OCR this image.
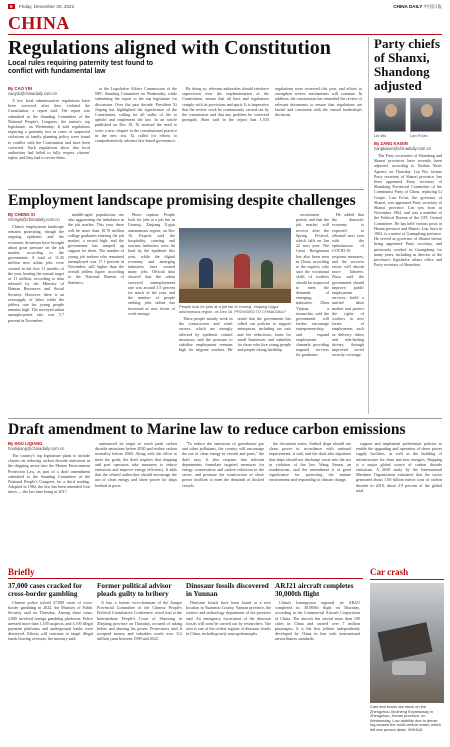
6 Friday, December 30, 2022	CHINA DAILY 中国日报
CHINA
Regulations aligned with Constitution
Local rules requiring paternity test found to conflict with fundamental law
By CAO YIN
caoyin@chinadaily.com.cn

A few local administrative regulations have been corrected after they violated the Constitution, a report said. The report was submitted to the Standing Committee of the National People's Congress, the nation's top legislature, on Wednesday. It said regulations requiring a paternity test in cases of suspected violations of family planning policy were found to conflict with the Constitution and have been corrected. Such regulations show that local authorities had failed to fully respect citizens' rights, and they had to revise them.

to the Legislative Affairs Commission of the NPC Standing Committee on Wednesday, while submitting the report to the top legislature for discussion. Over the past decade, President Xi Jinping has highlighted the significance of the Constitution, calling for all walks of life to uphold and implement the law. In an article published on Dec 19, Xi stressed the need to write a new chapter in the constitutional practice in the new era. Xi called for efforts to comprehensively advance law-based governance.

By doing so, relevant authorities should reinforce supervision over the implementation of the Constitution, ensure that all laws and regulations comply with its provisions and spirit. It is imperative that the review work be continuously carried out by the commission and that any problem be corrected promptly. Shen said in the report that 1,535 regulations were reviewed this year, and efforts to strengthen review mechanisms will continue. In addition, the commission has reminded the review of relevant documents to ensure that regulations are lawful and consistent with the central leadership's decisions.

Party chiefs of Shanxi, Shandong adjusted
Lin Wu	Lan Fo'an
By ZANG KAIXIN
zangkaixin@chinadaily.com.cn

The Party secretaries of Shandong and Shanxi provinces have recently been adjusted, according to Xinhua News Agency on Thursday. Lin Wu, former Party secretary of Shanxi province, has been appointed Party secretary of Shandong Provincial Committee of the Communist Party of China, replacing Li Ganjie. Lan Fo'an, the governor of Shanxi, was appointed Party secretary of Shanxi province. Lin was born in November 1962, and was a member of the Political Bureau of the CPC Central Committee. He has held various posts in Henan province and Shanxi. Lan, born in 1962, is a native of Guangdong province. He served as governor of Shanxi before being appointed Party secretary, and previously worked in Guangdong for many years, including as director of the province's legislative affairs office and Party secretary of Shenzhen.

Employment landscape promising despite challenges
By CHENG SI
chengsi@chinadaily.com.cn

China's employment landscape remains promising, though the ongoing epidemic and the economic downturn have brought about great pressure on the job market, according to the government. A total of 11.45 million new urban jobs were created in the first 11 months of the year, beating the annual target of 11 million, according to data released by the Ministry of Human Resources and Social Security. However, there is an oversupply of labor while the jobless rate for young people remains high. The surveyed urban unemployment rate was 5.7 percent in November.

middle-aged populations are also aggravating the imbalance in the job market. This year, there will be more than 10.76 million college graduates entering the job market, a record high, and the government has ramped up support for them. The number of young job seekers who remained unemployed was 17.1 percent in November, still higher than the overall jobless figure, according to the National Bureau of Statistics.

Photo caption: People look for jobs at a job fair in Urumqi, Xinjiang Uygur autonomous region, on Dec 16. Experts said the hospitality, catering and tourism industries were hit hard by the epidemic this year, while the digital economy and emerging industries have created many jobs. Official data showed that the urban surveyed unemployment rate was around 5.5 percent for much of the year, and the number of people seeking jobs online has increased as new forms of work emerge.

People look for jobs at a job fair in Urumqi, Xinjiang Uygur autonomous region, on Dec 16. PROVIDED TO CHINA DAILY

These people mainly work in the construction and retail sectors, which are strongly affected by epidemic control measures, and the pressure to stabilize employment remains high for migrant workers. He noted that the government has rolled out policies to support enterprises, including tax cuts and fee reductions, loans for small businesses and subsidies for those who hire young people and people facing hardship.

recruitment period, and that the job market will recover after the Spring Festival, which falls on Jan 22 next year. The Great Resignation has also been seen in China, according to the experts, who said the vocational skills of workers should be improved to meet the demands of emerging industries. Zhou Yinjian, a researcher, said the government will further encourage entrepreneurship and expand employment channels, providing targeted services for graduates.

He added that the domestic economy is expected to rebound next year with the optimization of COVID-19 response measures, and the services sector will absorb more laborers. Zhou said the government should improve public employment services, build a unified labor market and protect the rights of workers in new forms of employment, such as delivery riders and ride-hailing drivers, through improved social security coverage.

Draft amendment to Marine law to reduce carbon emissions
By HOU LIQIANG
houliqiang@chinadaily.com.cn

The country's top legislature plans to include clauses on reducing carbon dioxide emissions in the shipping sector into the Marine Environment Protection Law, as part of a draft amendment submitted to the Standing Committee of the National People's Congress for a third reading. Adopted in 1982, the law has been amended four times — the last time being in 2017.

announced its target to reach peak carbon dioxide emissions before 2030 and realize carbon neutrality before 2060. Along with the effort to meet the goals, the draft requires that shipping and port operators take measures to reduce emissions and improve energy efficiency. It adds that the related authorities should encourage the use of clean energy and shore power for ships berthed at ports.

"To reduce the emissions of greenhouse gas and other pollutants, the country will encourage the use of clean energy in vessels and ports," the draft says. It also requires that relevant departments formulate targeted measures for energy conservation and carbon reduction in the sector, and promote the construction of shore power facilities to meet the demands of docked vessels.

the document states. Seabed ships should use clean power in accordance with national requirements, it said, and the draft also stipulates that ships should not discharge waste into the sea in violation of the law. Wang Jinnan, an academician, said the amendment is of great significance for protecting the marine environment and responding to climate change.

support and implement preferential policies to enable the upgrading and operation of shore power supply facilities, as well as the building of infrastructure for clean and new energies. Shipping is a major global source of carbon dioxide emissions. A 2020 study by the International Maritime Organization estimated that the sector generated about 1.06 billion metric tons of carbon dioxide in 2018, about 2.9 percent of the global total.

Briefly
37,000 cases cracked for cross-border gambling

Chinese police solved 37,000 cases of cross-border gambling in 2022, the Ministry of Public Security said on Thursday. Among these cases, 2,000 involved foreign gambling platforms. Police arrested more than 1,100 suspects, and 3,100 illegal payment platforms and underground banks were destroyed. Efforts will continue to target illegal funds flowing overseas, the ministry said.

Former political advisor pleads guilty to bribery

Ji Jun, a former vice-chairman of the Jiangxi Provincial Committee of the Chinese People's Political Consultative Conference, stood trial at the Intermediate People's Court of Shaoxing in Zhejiang province on Thursday, accused of taking bribes and abusing his power. Prosecutors said Ji accepted money and valuables worth over 112 million yuan between 1999 and 2022.

Dinosaur fossils discovered in Yunnan

Dinosaur fossils have been found at a new location in Yuanmou County, Yunnan province, the science and technology department of the province said. An emergency excavation of the dinosaur fossils will soon be carried out by researchers. The area is one of the richest regions of dinosaur fossils in China, including early sauropodomorphs.

ARJ21 aircraft completes 30,000th flight

China's homegrown regional jet ARJ21 completed its 30,000th flight on Thursday, according to the Commercial Aircraft Corporation of China. The aircraft has served more than 100 cities in China and carried over 7 million passengers. It is the first jetliner independently developed by China in line with international airworthiness standards.

Car crash
Cars and trucks are stuck on the Zhengzhou-Xinzheng Expressway in Zhengzhou, Henan province, on Wednesday. Low visibility due to dense fog caused the multi-vehicle crash, which left one person dead. XINHUA
